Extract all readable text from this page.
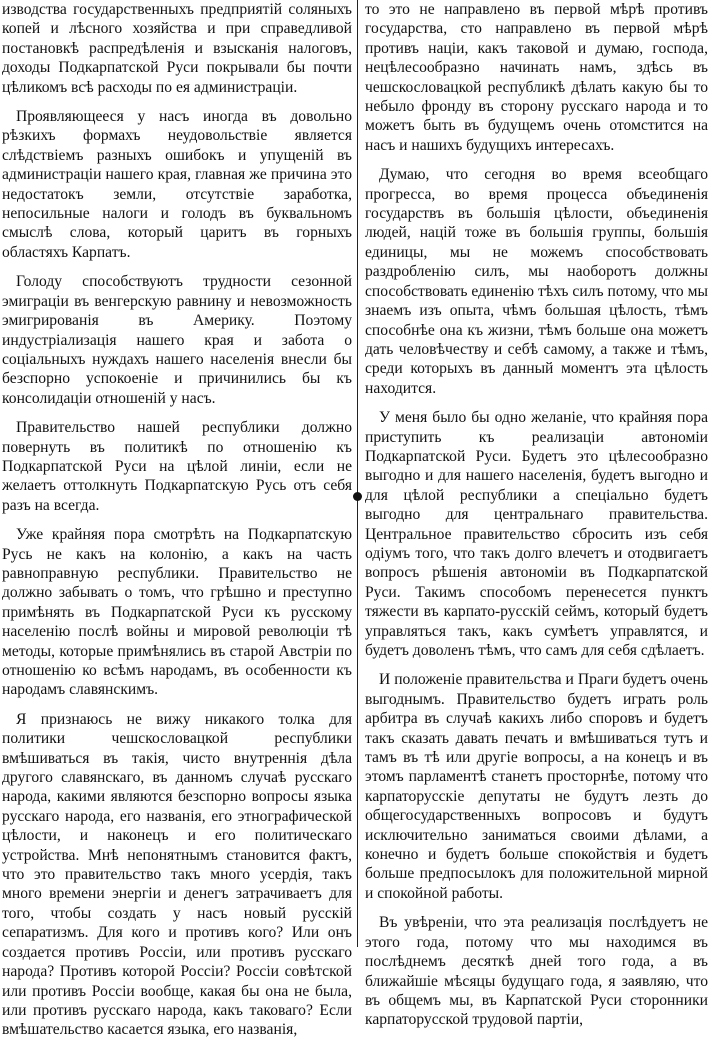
изводства государственныхъ предприятій соляныхъ копей и лѣсного хозяйства и при справедливой постановкѣ распредѣленія и взысканія налоговъ, доходы Подкарпатской Руси покрывали бы почти цѣликомъ всѣ расходы по ея администраціи.

Проявляющееся у насъ иногда въ довольно рѣзкихъ формахъ неудовольствіе является слѣдствіемъ разныхъ ошибокъ и упущеній въ администраціи нашего края, главная же причина это недостатокъ земли, отсутствіе заработка, непосильные налоги и голодъ въ буквальномъ смыслѣ слова, который царитъ въ горныхъ областяхъ Карпатъ.

Голоду способствуютъ трудности сезонной эмиграціи въ венгерскую равнину и невозможность эмигрированія въ Америку. Поэтому индустріализація нашего края и забота о соціальныхъ нуждахъ нашего населенія внесли бы безспорно успокоеніе и причинились бы къ консолидаціи отношеній у насъ.

Правительство нашей республики должно повернуть въ политикѣ по отношенію къ Подкарпатской Руси на цѣлой линіи, если не желаетъ оттолкнуть Подкарпатскую Русь отъ себя разъ на всегда.

Уже крайняя пора смотрѣть на Подкарпатскую Русь не какъ на колонію, а какъ на часть равноправную республики. Правительство не должно забывать о томъ, что грѣшно и преступно примѣнять въ Подкарпатской Руси къ русскому населенію послѣ войны и мировой революціи тѣ методы, которые примѣнялись въ старой Австріи по отношенію ко всѣмъ народамъ, въ особенности къ народамъ славянскимъ.

Я признаюсь не вижу никакого толка для политики чешскословацкой республики вмѣшиваться въ такія, чисто внутреннія дѣла другого славянскаго, въ данномъ случаѣ русскаго народа, какими являются безспорно вопросы языка русскаго народа, его названія, его этнографической цѣлости, и наконецъ и его политическаго устройства. Мнѣ непонятнымъ становится фактъ, что это правительство такъ много усердія, такъ много времени энергіи и денегъ затрачиваетъ для того, чтобы создать у насъ новый русскій сепаратизмъ. Для кого и противъ кого? Или онъ создается противъ Россіи, или противъ русскаго народа? Противъ которой Россіи? Россіи совѣтской или противъ Россіи вообще, какая бы она не была, или противъ русскаго народа, какъ таковаго? Если вмѣшательство касается языка, его названія,

то это не направлено въ первой мѣрѣ противъ государства, сто направлено въ первой мѣрѣ противъ націи, какъ таковой и думаю, господа, нецѣлесообразно начинать намъ, здѣсь въ чешскословацкой республикѣ дѣлать какую бы то небыло фронду въ сторону русскаго народа и то можетъ быть въ будущемъ очень отомстится на насъ и нашихъ будущихъ интересахъ.

Думаю, что сегодня во время всеобщаго прогресса, во время процесса объединенія государствъ въ большія цѣлости, объединенія людей, націй тоже въ большія группы, большія единицы, мы не можемъ способствовать раздробленію силъ, мы наоборотъ должны способствовать единенію тѣхъ силъ потому, что мы знаемъ изъ опыта, чѣмъ большая цѣлость, тѣмъ способнѣе она къ жизни, тѣмъ больше она можетъ дать человѣчеству и себѣ самому, а также и тѣмъ, среди которыхъ въ данный моментъ эта цѣлость находится.

У меня было бы одно желаніе, что крайняя пора приступить къ реализаціи автономіи Подкарпатской Руси. Будетъ это цѣлесообразно выгодно и для нашего населенія, будетъ выгодно и для цѣлой республики а спеціально будетъ выгодно для центральнаго правительства. Центральное правительство сбросить изъ себя одіумъ того, что такъ долго влечетъ и отодвигаетъ вопросъ рѣшенія автономіи въ Подкарпатской Руси. Такимъ способомъ перенесется пунктъ тяжести въ карпато-русскій сеймъ, который будетъ управляться такъ, какъ сумѣетъ управлятся, и будетъ доволенъ тѣмъ, что самъ для себя сдѣлаетъ.

И положеніе правительства и Праги будетъ очень выгоднымъ. Правительство будетъ играть роль арбитра въ случаѣ какихъ либо споровъ и будетъ такъ сказать давать печать и вмѣшиваться тутъ и тамъ въ тѣ или другіе вопросы, а на конецъ и въ этомъ парламентѣ станетъ просторнѣе, потому что карпаторусскіе депутаты не будутъ лезть до общегосударственныхъ вопросовъ и будутъ исключительно заниматься своими дѣлами, а конечно и будетъ больше спокойствія и будетъ больше предпосылокъ для положительной мирной и спокойной работы.

Въ увѣреніи, что эта реализація послѣдуетъ не этого года, потому что мы находимся въ послѣднемъ десяткѣ дней того года, а въ ближайшіе мѣсяцы будущаго года, я заявляю, что въ общемъ мы, въ Карпатской Руси сторонники карпаторусской трудовой партіи,
